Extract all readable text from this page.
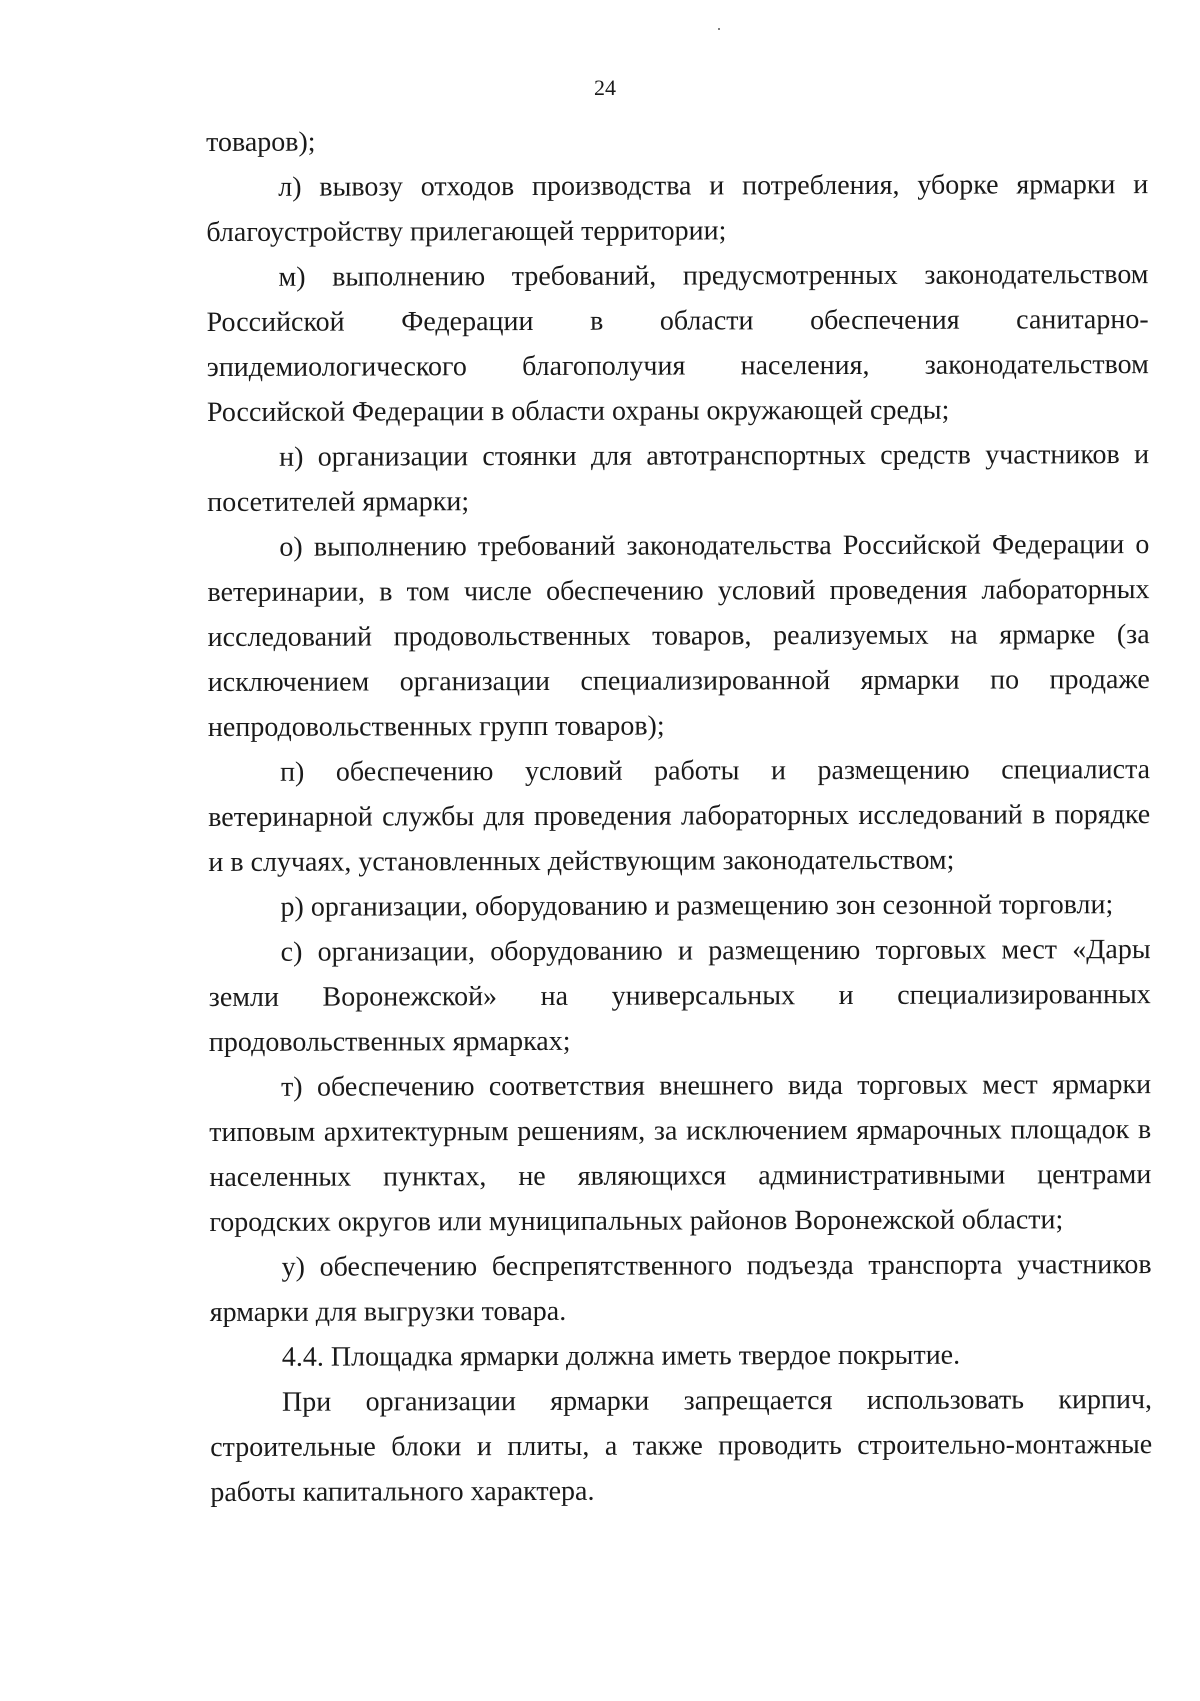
24

товаров);

л) вывозу отходов производства и потребления, уборке ярмарки и благоустройству прилегающей территории;

м) выполнению требований, предусмотренных законодательством Российской Федерации в области обеспечения санитарно-эпидемиологического благополучия населения, законодательством Российской Федерации в области охраны окружающей среды;

н) организации стоянки для автотранспортных средств участников и посетителей ярмарки;

о) выполнению требований законодательства Российской Федерации о ветеринарии, в том числе обеспечению условий проведения лабораторных исследований продовольственных товаров, реализуемых на ярмарке (за исключением организации специализированной ярмарки по продаже непродовольственных групп товаров);

п) обеспечению условий работы и размещению специалиста ветеринарной службы для проведения лабораторных исследований в порядке и в случаях, установленных действующим законодательством;

р) организации, оборудованию и размещению зон сезонной торговли;

с) организации, оборудованию и размещению торговых мест «Дары земли Воронежской» на универсальных и специализированных продовольственных ярмарках;

т) обеспечению соответствия внешнего вида торговых мест ярмарки типовым архитектурным решениям, за исключением ярмарочных площадок в населенных пунктах, не являющихся административными центрами городских округов или муниципальных районов Воронежской области;

у) обеспечению беспрепятственного подъезда транспорта участников ярмарки для выгрузки товара.

4.4. Площадка ярмарки должна иметь твердое покрытие.

При организации ярмарки запрещается использовать кирпич, строительные блоки и плиты, а также проводить строительно-монтажные работы капитального характера.
